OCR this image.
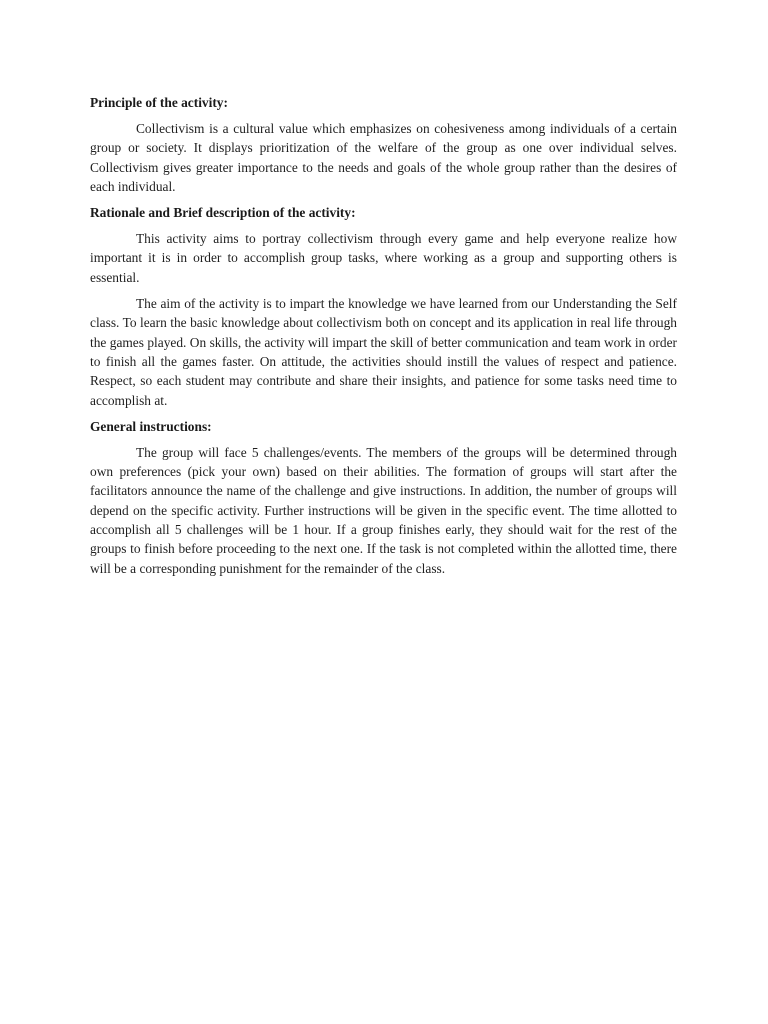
Principle of the activity:

Collectivism is a cultural value which emphasizes on cohesiveness among individuals of a certain group or society. It displays prioritization of the welfare of the group as one over individual selves. Collectivism gives greater importance to the needs and goals of the whole group rather than the desires of each individual.

Rationale and Brief description of the activity:

This activity aims to portray collectivism through every game and help everyone realize how important it is in order to accomplish group tasks, where working as a group and supporting others is essential.

The aim of the activity is to impart the knowledge we have learned from our Understanding the Self class. To learn the basic knowledge about collectivism both on concept and its application in real life through the games played. On skills, the activity will impart the skill of better communication and team work in order to finish all the games faster. On attitude, the activities should instill the values of respect and patience. Respect, so each student may contribute and share their insights, and patience for some tasks need time to accomplish at.

General instructions:

The group will face 5 challenges/events. The members of the groups will be determined through own preferences (pick your own) based on their abilities. The formation of groups will start after the facilitators announce the name of the challenge and give instructions. In addition, the number of groups will depend on the specific activity. Further instructions will be given in the specific event. The time allotted to accomplish all 5 challenges will be 1 hour. If a group finishes early, they should wait for the rest of the groups to finish before proceeding to the next one. If the task is not completed within the allotted time, there will be a corresponding punishment for the remainder of the class.
